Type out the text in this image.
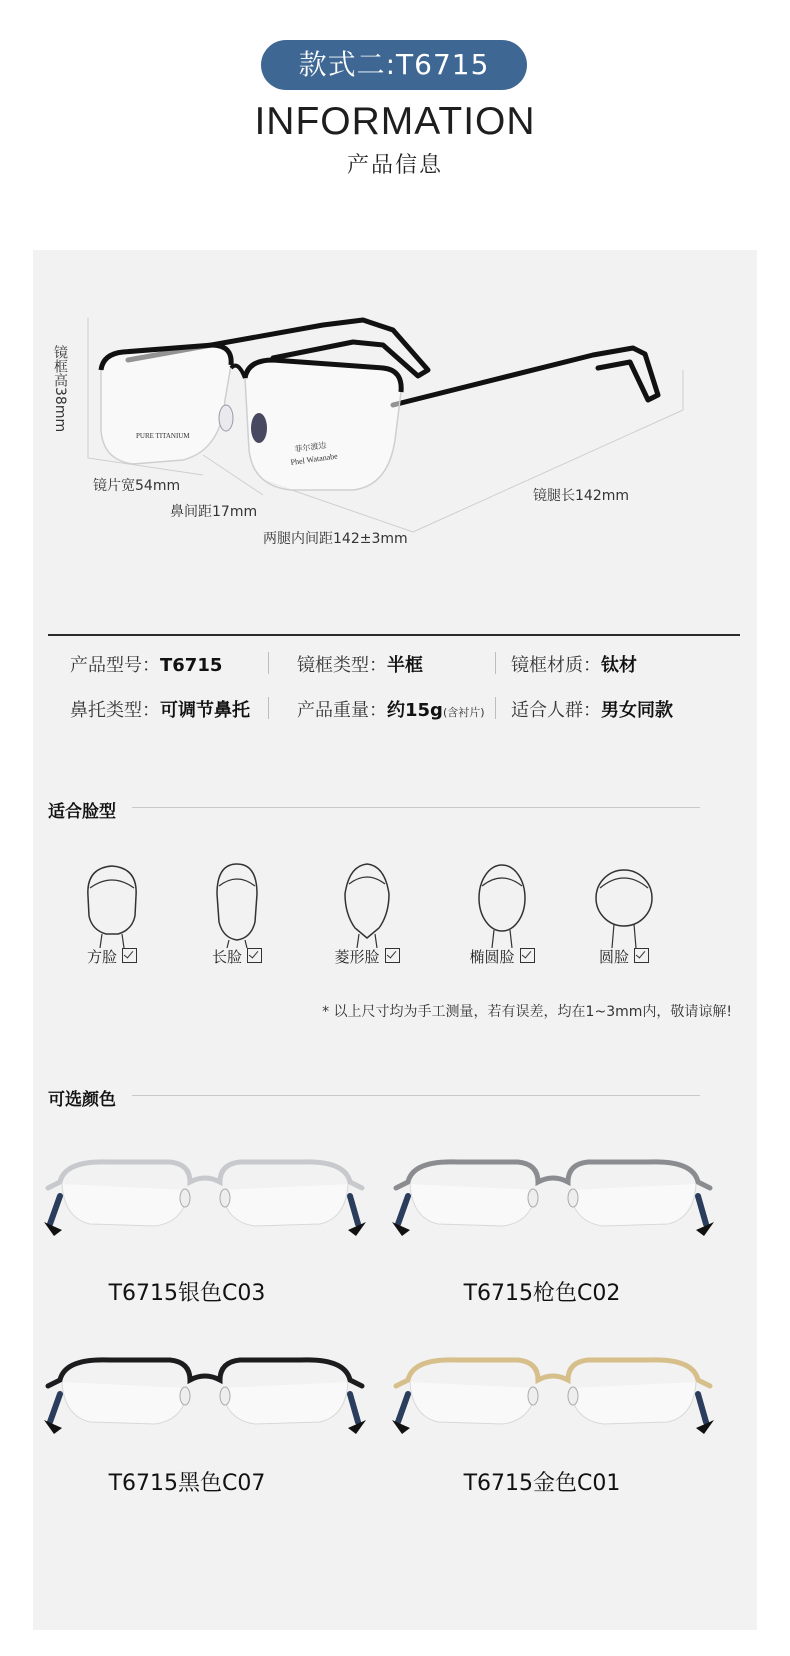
款式二:T6715
INFORMATION
产品信息
PURE TITANIUM
Phel Watanabe
菲尔渡边
镜框高38mm
镜片宽54mm
鼻间距17mm
两腿内间距142±3mm
镜腿长142mm
产品型号：T6715	镜框类型：半框	镜框材质：钛材
鼻托类型：可调节鼻托	产品重量：约15g(含衬片) 适合人群：男女同款
适合脸型
方脸	长脸	菱形脸	椭圆脸	圆脸
* 以上尺寸均为手工测量，若有误差，均在1~3mm内，敬请谅解!
可选颜色
T6715银色C03	T6715枪色C02
T6715黑色C07	T6715金色C01
